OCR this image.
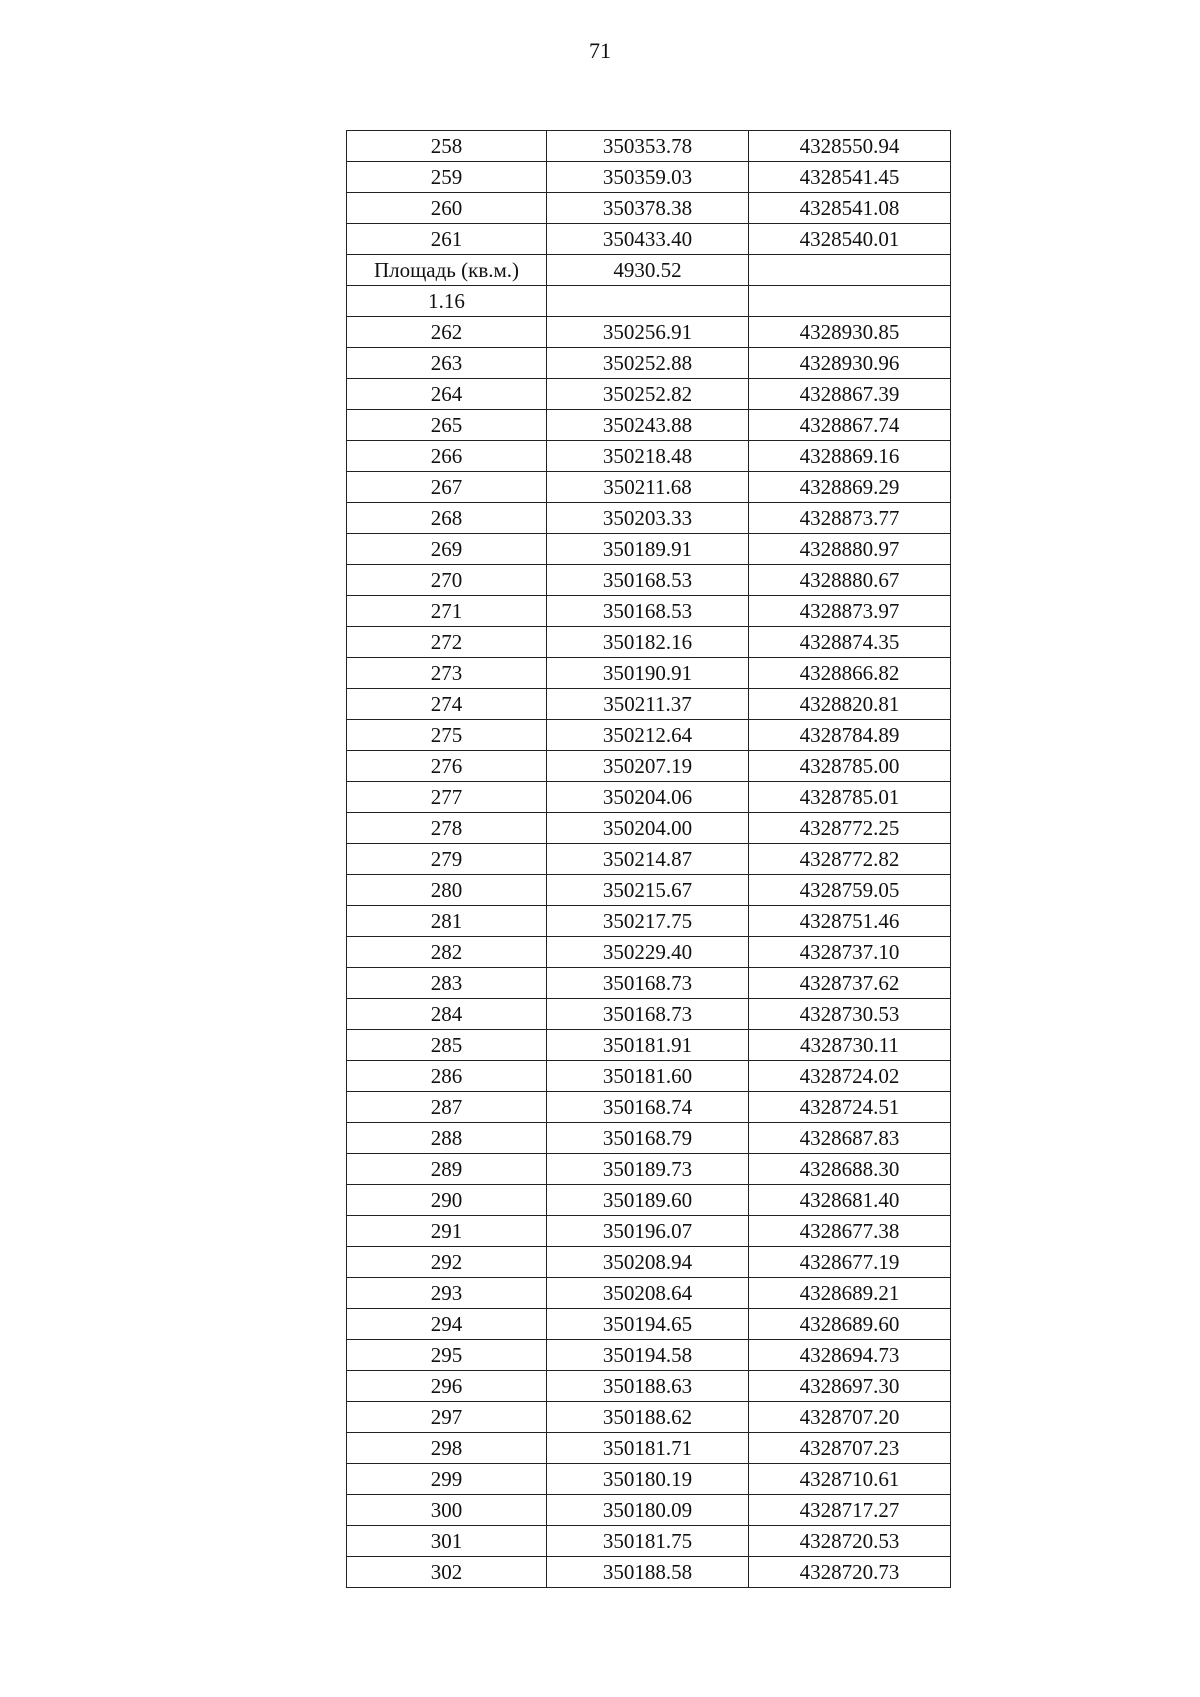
71
258	350353.78	4328550.94
259	350359.03	4328541.45
260	350378.38	4328541.08
261	350433.40	4328540.01
Площадь (кв.м.)	4930.52	
1.16		
262	350256.91	4328930.85
263	350252.88	4328930.96
264	350252.82	4328867.39
265	350243.88	4328867.74
266	350218.48	4328869.16
267	350211.68	4328869.29
268	350203.33	4328873.77
269	350189.91	4328880.97
270	350168.53	4328880.67
271	350168.53	4328873.97
272	350182.16	4328874.35
273	350190.91	4328866.82
274	350211.37	4328820.81
275	350212.64	4328784.89
276	350207.19	4328785.00
277	350204.06	4328785.01
278	350204.00	4328772.25
279	350214.87	4328772.82
280	350215.67	4328759.05
281	350217.75	4328751.46
282	350229.40	4328737.10
283	350168.73	4328737.62
284	350168.73	4328730.53
285	350181.91	4328730.11
286	350181.60	4328724.02
287	350168.74	4328724.51
288	350168.79	4328687.83
289	350189.73	4328688.30
290	350189.60	4328681.40
291	350196.07	4328677.38
292	350208.94	4328677.19
293	350208.64	4328689.21
294	350194.65	4328689.60
295	350194.58	4328694.73
296	350188.63	4328697.30
297	350188.62	4328707.20
298	350181.71	4328707.23
299	350180.19	4328710.61
300	350180.09	4328717.27
301	350181.75	4328720.53
302	350188.58	4328720.73
